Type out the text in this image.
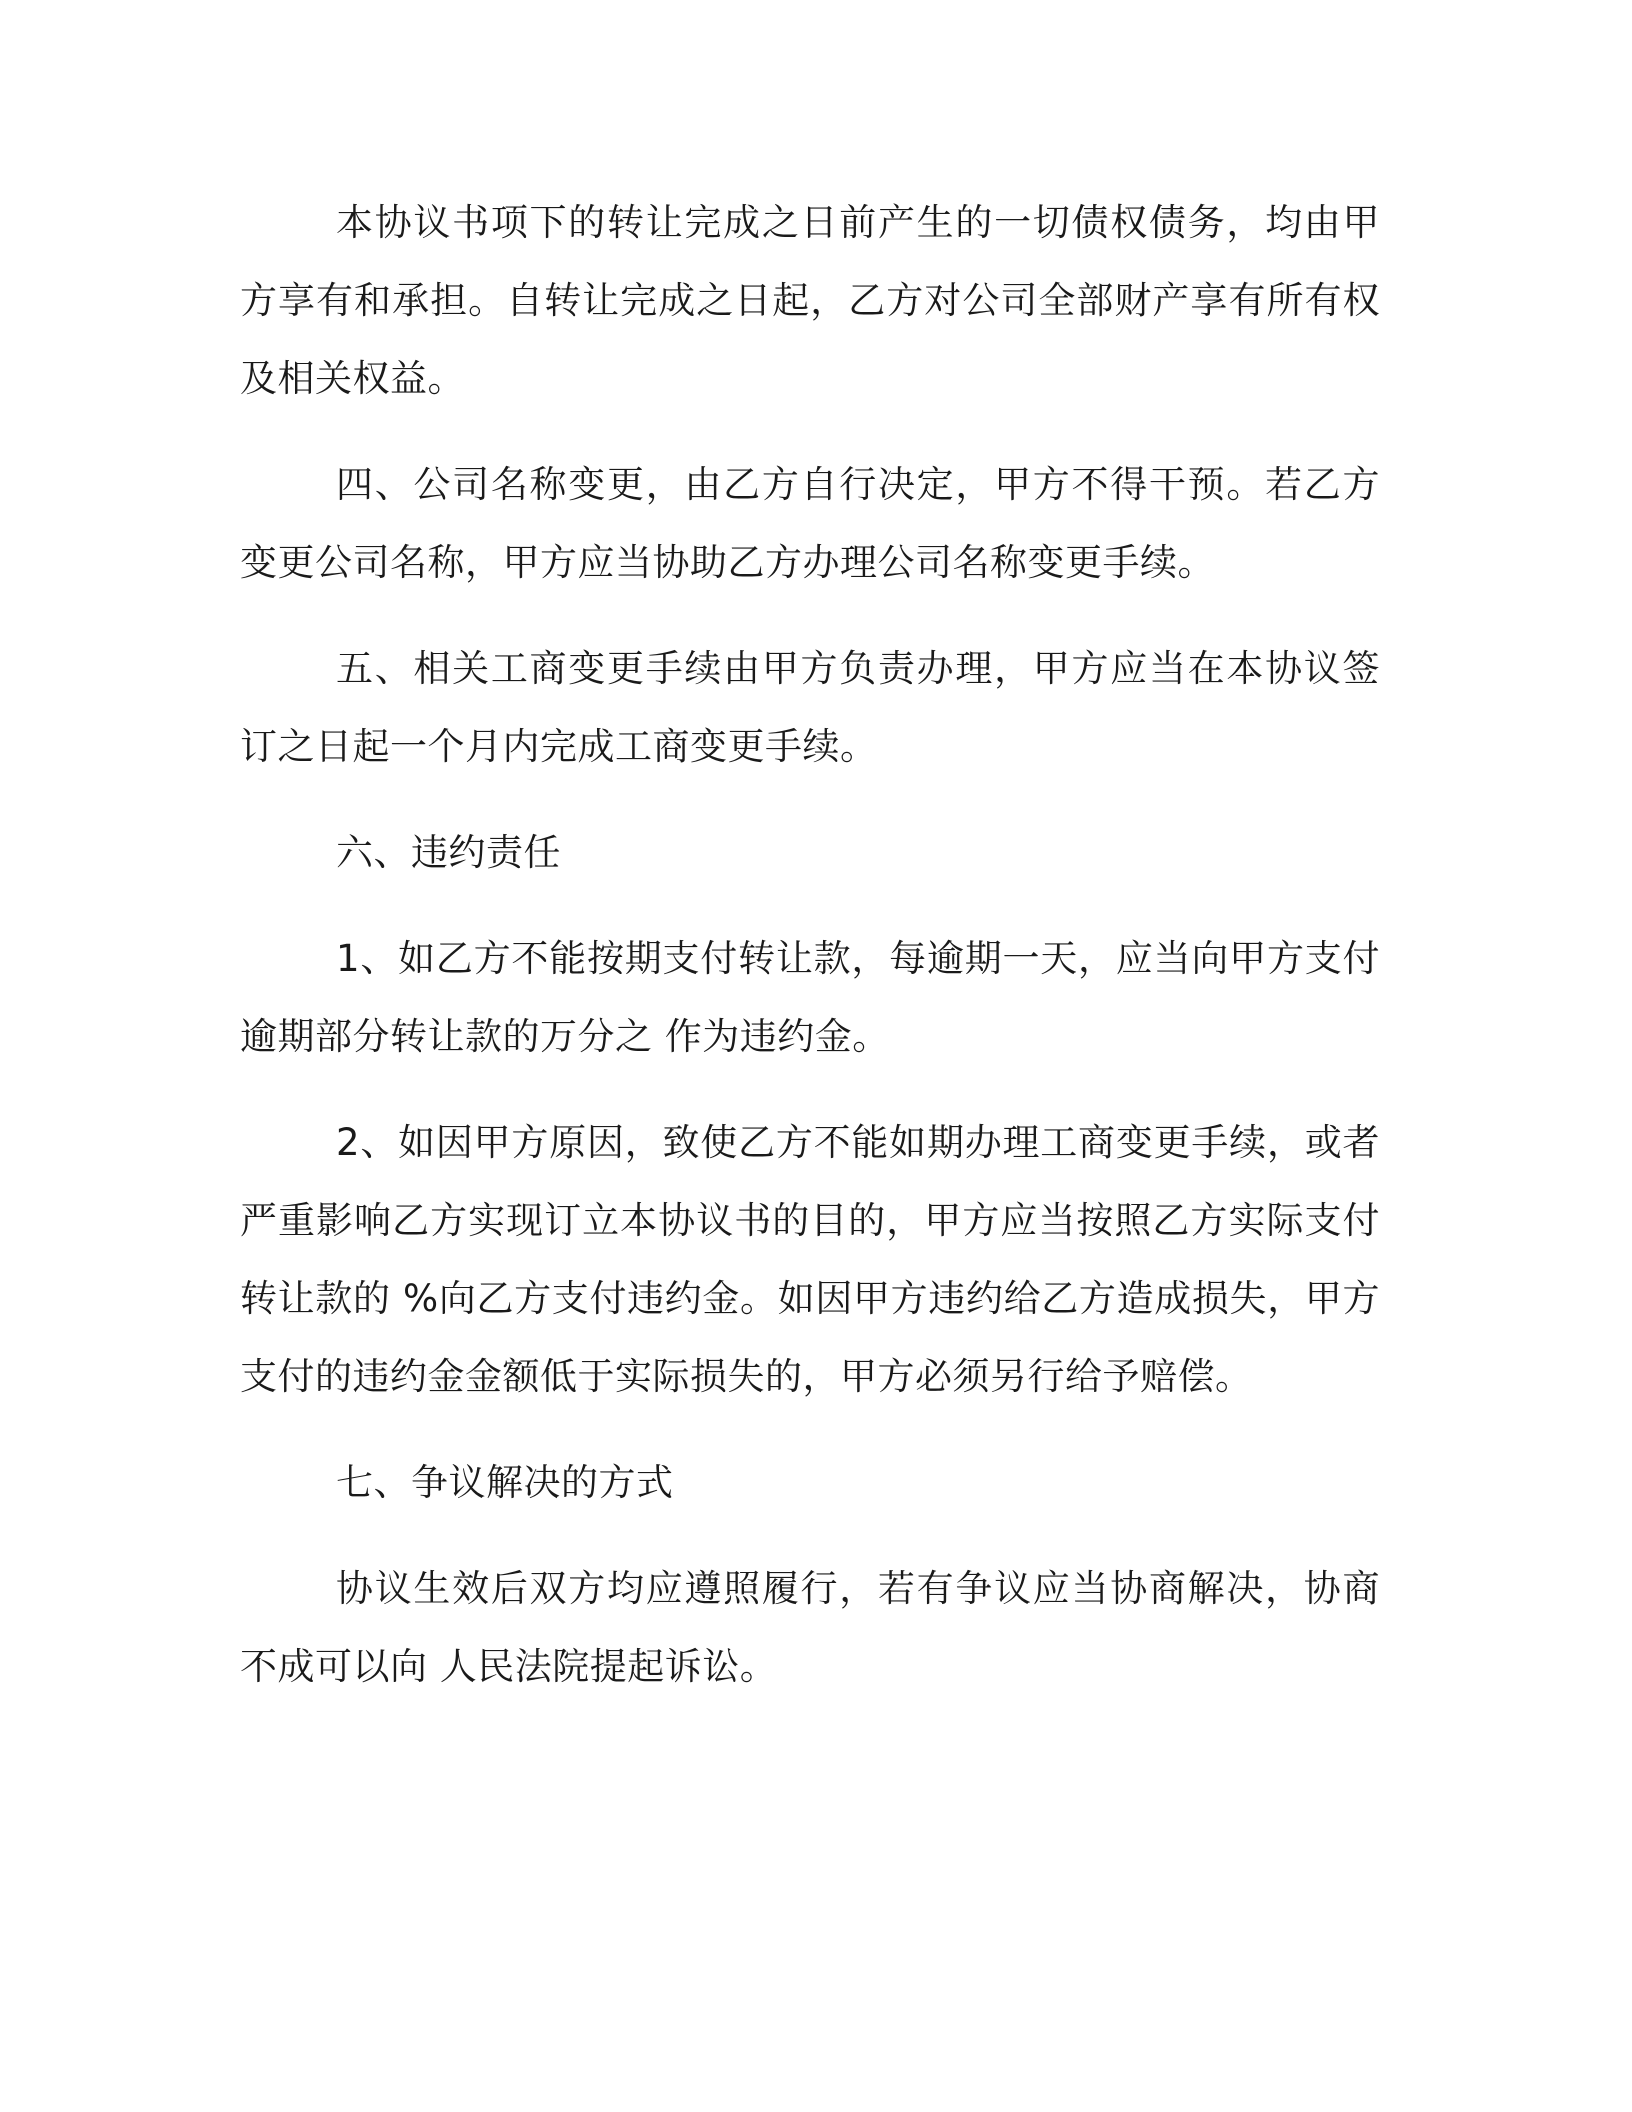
本协议书项下的转让完成之日前产生的一切债权债务，均由甲方享有和承担。自转让完成之日起，乙方对公司全部财产享有所有权及相关权益。

四、公司名称变更，由乙方自行决定，甲方不得干预。若乙方变更公司名称，甲方应当协助乙方办理公司名称变更手续。

五、相关工商变更手续由甲方负责办理，甲方应当在本协议签订之日起一个月内完成工商变更手续。

六、违约责任

1、如乙方不能按期支付转让款，每逾期一天，应当向甲方支付逾期部分转让款的万分之 作为违约金。

2、如因甲方原因，致使乙方不能如期办理工商变更手续，或者严重影响乙方实现订立本协议书的目的，甲方应当按照乙方实际支付转让款的 %向乙方支付违约金。如因甲方违约给乙方造成损失，甲方支付的违约金金额低于实际损失的，甲方必须另行给予赔偿。

七、争议解决的方式

协议生效后双方均应遵照履行，若有争议应当协商解决，协商不成可以向 人民法院提起诉讼。
